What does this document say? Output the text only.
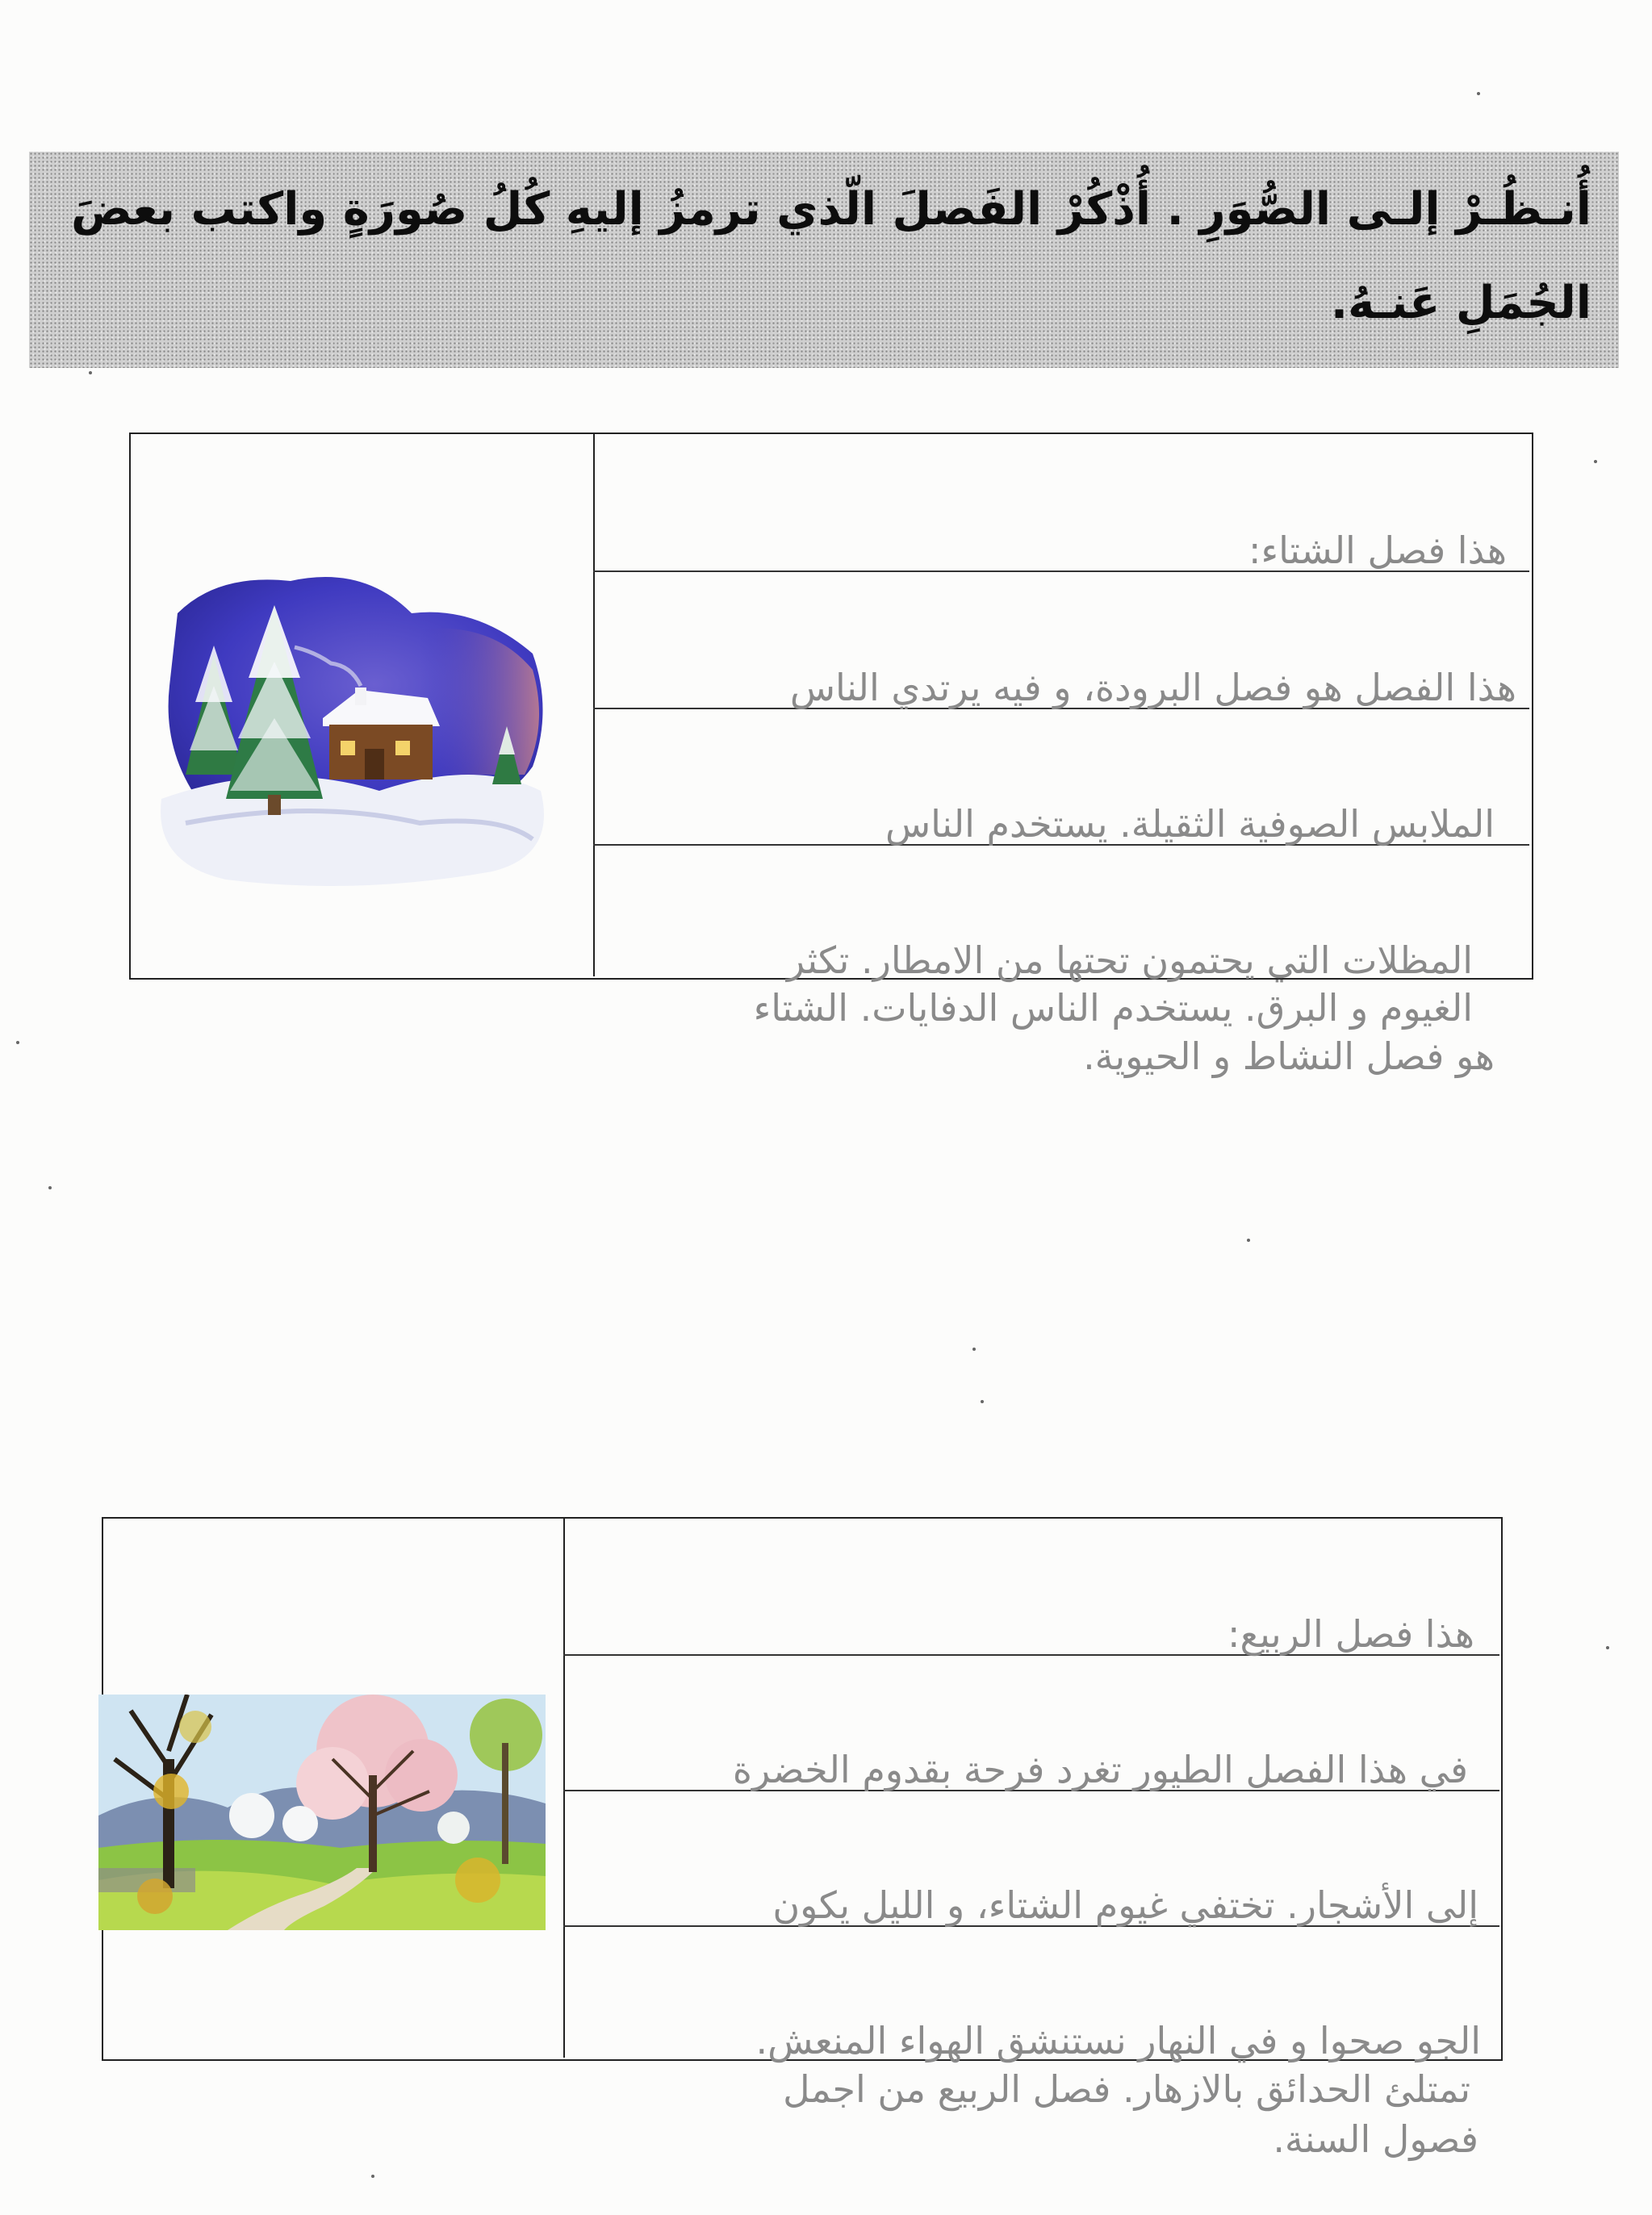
أُنـظُـرْ إلـى الصُّوَرِ . أُذْكُرْ الفَصلَ الّذي ترمزُ إليهِ كُلُ صُورَةٍ واكتب بعضَ
الجُمَلِ عَنـهُ.
هذا فصل الشتاء:
هذا الفصل هو فصل البرودة، و فيه يرتدي الناس
الملابس الصوفية الثقيلة. يستخدم الناس
المظلات التي يحتمون تحتها من الامطار. تكثر
الغيوم و البرق. يستخدم الناس الدفايات. الشتاء
هو فصل النشاط و الحيوية.
هذا فصل الربيع:
في هذا الفصل الطيور تغرد فرحة بقدوم الخضرة
إلى الأشجار. تختفي غيوم الشتاء، و الليل يكون
الجو صحوا و في النهار نستنشق الهواء المنعش.
تمتلئ الحدائق بالازهار. فصل الربيع من اجمل
فصول السنة.
